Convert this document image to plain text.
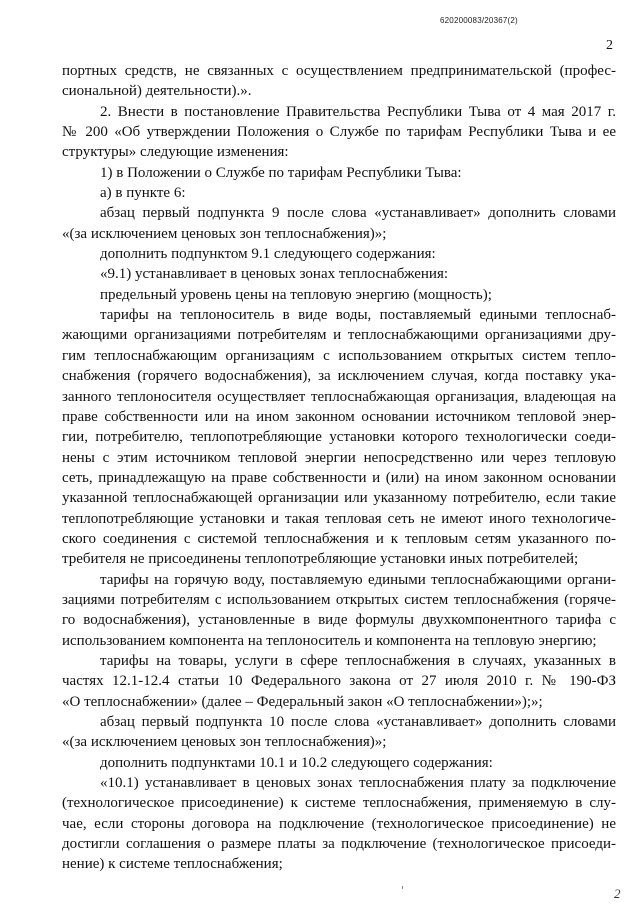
620200083/20367(2)
2
портных средств, не связанных с осуществлением предпринимательской (профес-
сиональной) деятельности).».
2. Внести в постановление Правительства Республики Тыва от 4 мая 2017 г.
№ 200 «Об утверждении Положения о Службе по тарифам Республики Тыва и ее
структуры» следующие изменения:
1) в Положении о Службе по тарифам Республики Тыва:
а) в пункте 6:
абзац первый подпункта 9 после слова «устанавливает» дополнить словами
«(за исключением ценовых зон теплоснабжения)»;
дополнить подпунктом 9.1 следующего содержания:
«9.1) устанавливает в ценовых зонах теплоснабжения:
предельный уровень цены на тепловую энергию (мощность);
тарифы на теплоноситель в виде воды, поставляемый едиными теплоснаб-
жающими организациями потребителям и теплоснабжающими организациями дру-
гим теплоснабжающим организациям с использованием открытых систем тепло-
снабжения (горячего водоснабжения), за исключением случая, когда поставку ука-
занного теплоносителя осуществляет теплоснабжающая организация, владеющая на
праве собственности или на ином законном основании источником тепловой энер-
гии, потребителю, теплопотребляющие установки которого технологически соеди-
нены с этим источником тепловой энергии непосредственно или через тепловую
сеть, принадлежащую на праве собственности и (или) на ином законном основании
указанной теплоснабжающей организации или указанному потребителю, если такие
теплопотребляющие установки и такая тепловая сеть не имеют иного технологиче-
ского соединения с системой теплоснабжения и к тепловым сетям указанного по-
требителя не присоединены теплопотребляющие установки иных потребителей;
тарифы на горячую воду, поставляемую едиными теплоснабжающими органи-
зациями потребителям с использованием открытых систем теплоснабжения (горяче-
го водоснабжения), установленные в виде формулы двухкомпонентного тарифа с
использованием компонента на теплоноситель и компонента на тепловую энергию;
тарифы на товары, услуги в сфере теплоснабжения в случаях, указанных в
частях 12.1-12.4 статьи 10 Федерального закона от 27 июля 2010 г. № 190-ФЗ
«О теплоснабжении» (далее – Федеральный закон «О теплоснабжении»);»;
абзац первый подпункта 10 после слова «устанавливает» дополнить словами
«(за исключением ценовых зон теплоснабжения)»;
дополнить подпунктами 10.1 и 10.2 следующего содержания:
«10.1) устанавливает в ценовых зонах теплоснабжения плату за подключение
(технологическое присоединение) к системе теплоснабжения, применяемую в слу-
чае, если стороны договора на подключение (технологическое присоединение) не
достигли соглашения о размере платы за подключение (технологическое присоеди-
нение) к системе теплоснабжения;
2
